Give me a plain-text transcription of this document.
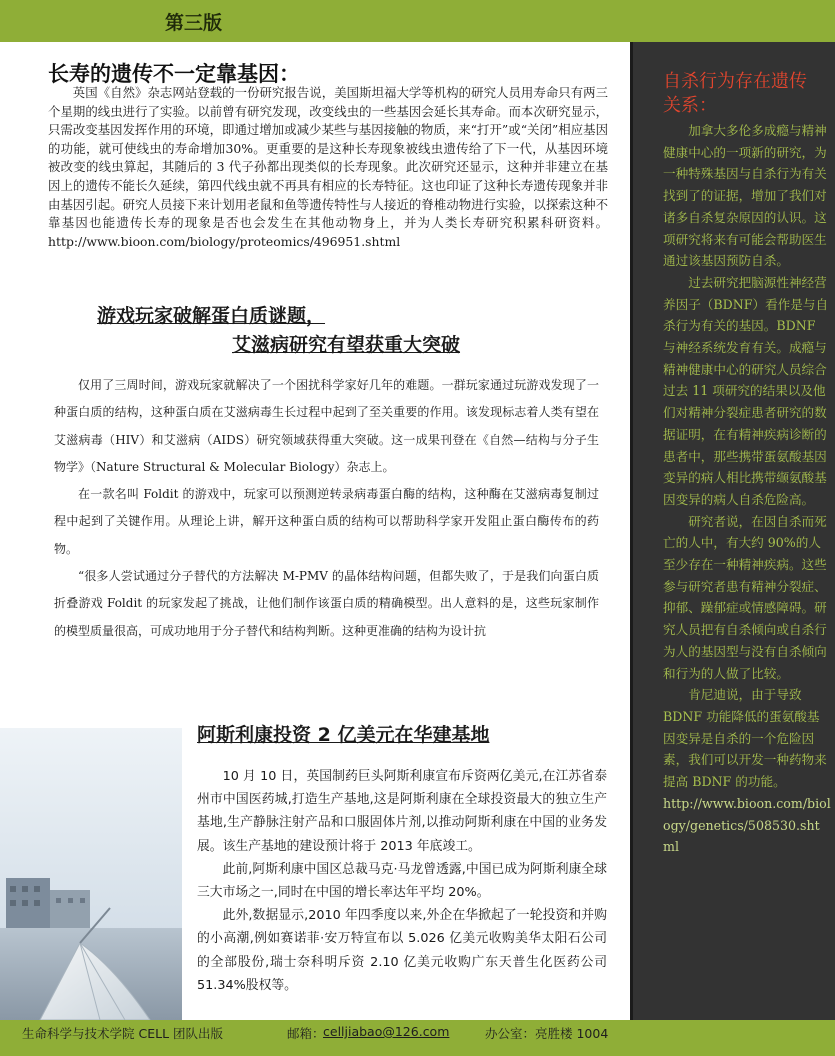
第三版
长寿的遗传不一定靠基因：
英国《自然》杂志网站登载的一份研究报告说，美国斯坦福大学等机构的研究人员用寿命只有两三个星期的线虫进行了实验。以前曾有研究发现，改变线虫的一些基因会延长其寿命。而本次研究显示，只需改变基因发挥作用的环境，即通过增加或减少某些与基因接触的物质，来“打开”或“关闭”相应基因的功能，就可使线虫的寿命增加30%。更重要的是这种长寿现象被线虫遗传给了下一代，从基因环境被改变的线虫算起，其随后的 3 代子孙都出现类似的长寿现象。此次研究还显示，这种并非建立在基因上的遗传不能长久延续，第四代线虫就不再具有相应的长寿特征。这也印证了这种长寿遗传现象并非由基因引起。研究人员接下来计划用老鼠和鱼等遗传特性与人接近的脊椎动物进行实验，以探索这种不靠基因也能遗传长寿的现象是否也会发生在其他动物身上，并为人类长寿研究积累科研资料。http://www.bioon.com/biology/proteomics/496951.shtml
游戏玩家破解蛋白质谜题，
艾滋病研究有望获重大突破

仅用了三周时间，游戏玩家就解决了一个困扰科学家好几年的难题。一群玩家通过玩游戏发现了一种蛋白质的结构，这种蛋白质在艾滋病毒生长过程中起到了至关重要的作用。该发现标志着人类有望在艾滋病毒（HIV）和艾滋病（AIDS）研究领域获得重大突破。这一成果刊登在《自然—结构与分子生物学》（Nature Structural & Molecular Biology）杂志上。

在一款名叫 Foldit 的游戏中，玩家可以预测逆转录病毒蛋白酶的结构，这种酶在艾滋病毒复制过程中起到了关键作用。从理论上讲，解开这种蛋白质的结构可以帮助科学家开发阻止蛋白酶传布的药物。

“很多人尝试通过分子替代的方法解决 M-PMV 的晶体结构问题，但都失败了，于是我们向蛋白质折叠游戏 Foldit 的玩家发起了挑战，让他们制作该蛋白质的精确模型。出人意料的是，这些玩家制作的模型质量很高，可成功地用于分子替代和结构判断。这种更准确的结构为设计抗

阿斯利康投资 2 亿美元在华建基地

10 月 10 日，英国制药巨头阿斯利康宣布斥资两亿美元,在江苏省泰州市中国医药城,打造生产基地,这是阿斯利康在全球投资最大的独立生产基地,生产静脉注射产品和口服固体片剂,以推动阿斯利康在中国的业务发展。该生产基地的建设预计将于 2013 年底竣工。

此前,阿斯利康中国区总裁马克·马龙曾透露,中国已成为阿斯利康全球三大市场之一,同时在中国的增长率达年平均 20%。

此外,数据显示,2010 年四季度以来,外企在华掀起了一轮投资和并购的小高潮,例如赛诺菲·安万特宣布以 5.026 亿美元收购美华太阳石公司的全部股份,瑞士奈科明斥资 2.10 亿美元收购广东天普生化医药公司 51.34%股权等。

自杀行为存在遗传关系：

加拿大多伦多成瘾与精神健康中心的一项新的研究，为一种特殊基因与自杀行为有关找到了的证据，增加了我们对诸多自杀复杂原因的认识。这项研究将来有可能会帮助医生通过该基因预防自杀。

过去研究把脑源性神经营养因子（BDNF）看作是与自杀行为有关的基因。BDNF 与神经系统发育有关。成瘾与精神健康中心的研究人员综合过去 11 项研究的结果以及他们对精神分裂症患者研究的数据证明，在有精神疾病诊断的患者中，那些携带蛋氨酸基因变异的病人相比携带缬氨酸基因变异的病人自杀危险高。

研究者说，在因自杀而死亡的人中，有大约 90%的人至少存在一种精神疾病。这些参与研究者患有精神分裂症、抑郁、躁郁症或情感障碍。研究人员把有自杀倾向或自杀行为人的基因型与没有自杀倾向和行为的人做了比较。

肯尼迪说，由于导致 BDNF 功能降低的蛋氨酸基因变异是自杀的一个危险因素，我们可以开发一种药物来提高 BDNF 的功能。

http://www.bioon.com/biology/genetics/508530.shtml

生命科学与技术学院 CELL 团队出版	邮箱：
celljiabao@126.com	办公室：亮胜楼 1004
